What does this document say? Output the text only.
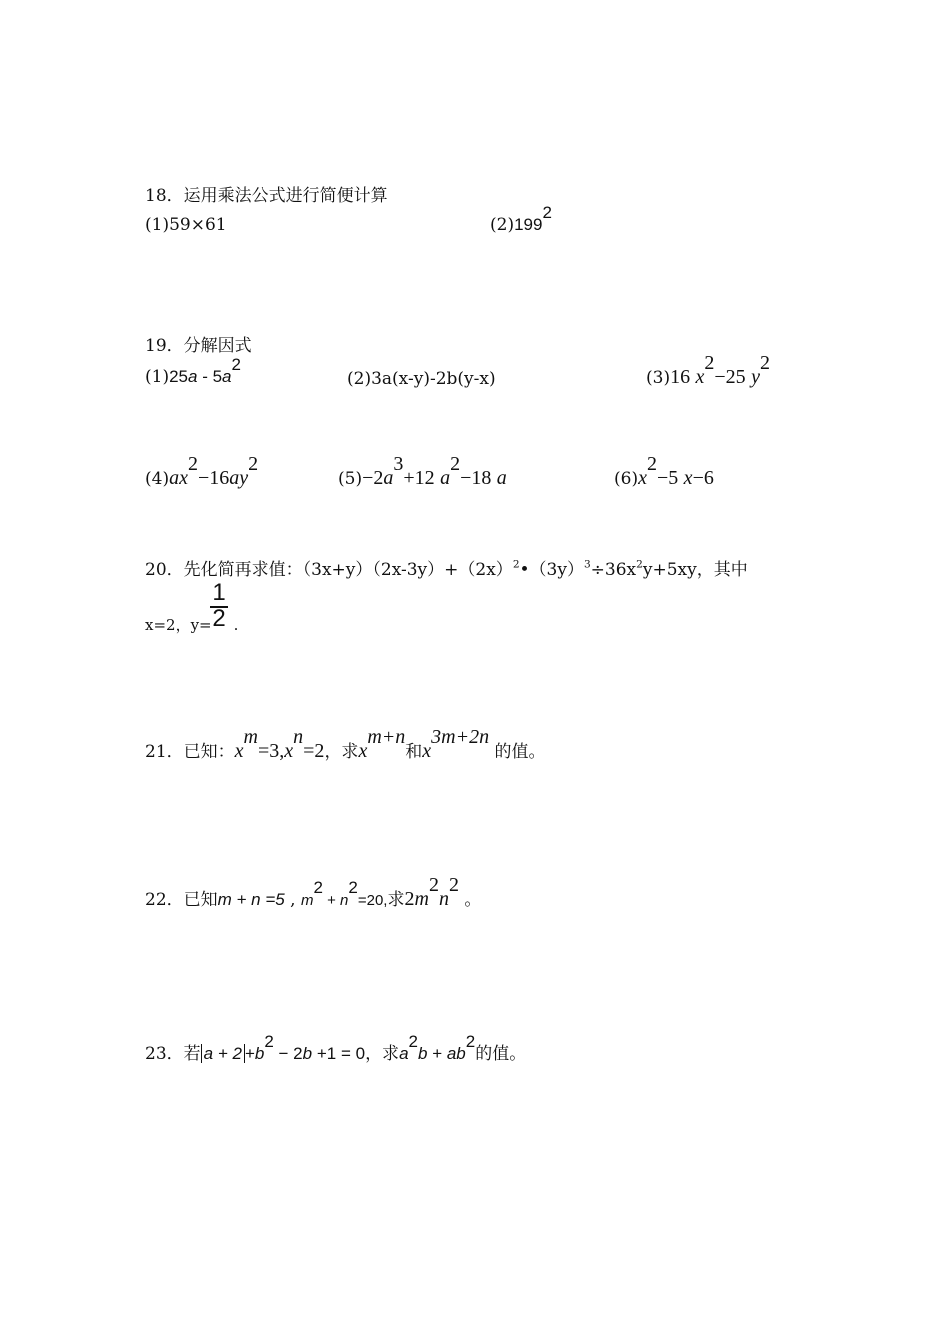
18．运用乘法公式进行简便计算
(1)59×61	$(2)199^2$
19．分解因式
$(1)25a - 5a^2$
(2)3a(x-y)-2b(y-x)	(3)16 $x^2-25$ $y^2$
$(4)ax^2-16ay^2$
$(5)-2a^3+12$ $a^2-18$ a	$(6)x^2-5$ x−6
20．先化简再求值：$(3x+y)(2x-3y)+(2x)^2•(3y)^3\div 36x^2y+5xy$，其中
x=2，y= .
1
2
21．已知：$x^m=3,x^n=2$，求$x^{m+n}$和$x^{3m+2n}$ 的值。
22．已知m + n =5 , $m^2 + n^2=20$,求$2m^2n^2$ 。
23．若 $a + 2 +b^2 - 2b +1 = 0$，求$a^2b + ab^2$的值。
